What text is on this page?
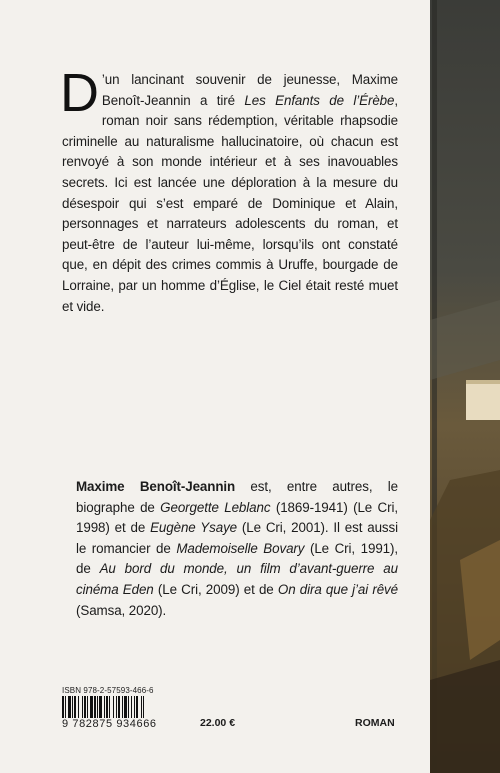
D ’un lancinant souvenir de jeunesse, Maxime Benoît-Jeannin a tiré Les Enfants de l’Érèbe, roman noir sans rédemption, véritable rhapsodie criminelle au naturalisme hallucinatoire, où chacun est renvoyé à son monde intérieur et à ses inavouables secrets. Ici est lancée une déploration à la mesure du désespoir qui s’est emparé de Dominique et Alain, personnages et narrateurs adolescents du roman, et peut-être de l’auteur lui-même, lorsqu’ils ont constaté que, en dépit des crimes commis à Uruffe, bourgade de Lorraine, par un homme d’Église, le Ciel était resté muet et vide.
Maxime Benoît-Jeannin est, entre autres, le biographe de Georgette Leblanc (1869-1941) (Le Cri, 1998) et de Eugène Ysaye (Le Cri, 2001). Il est aussi le romancier de Mademoiselle Bovary (Le Cri, 1991), de Au bord du monde, un film d’avant-guerre au cinéma Eden (Le Cri, 2009) et de On dira que j’ai rêvé (Samsa, 2020).
ISBN 978-2-57593-466-6
9 782875 934666	22.00 €	ROMAN
